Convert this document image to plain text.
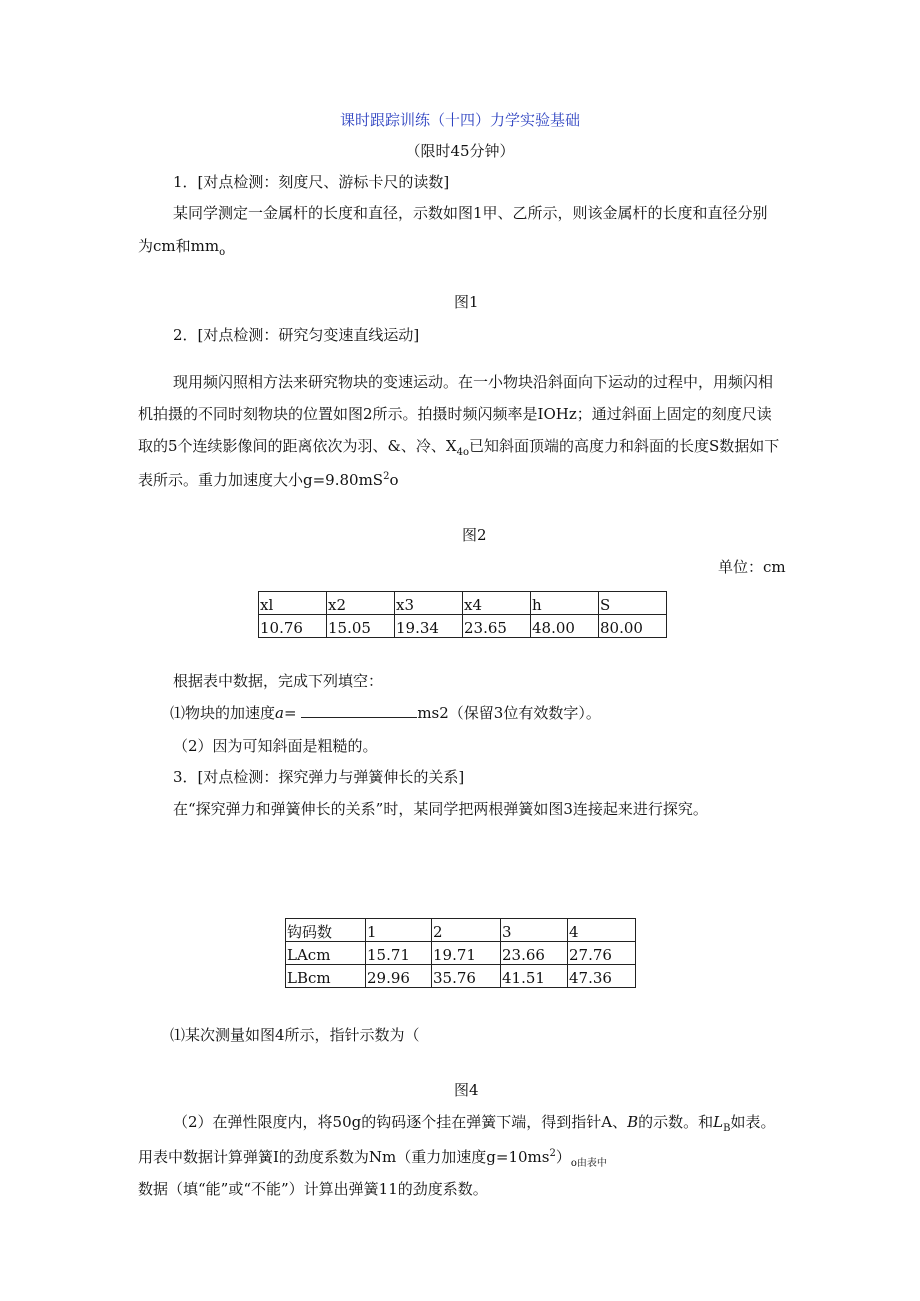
课时跟踪训练（十四）力学实验基础
（限时45分钟）
1．[对点检测：刻度尺、游标卡尺的读数]
某同学测定一金属杆的长度和直径，示数如图1甲、乙所示，则该金属杆的长度和直径分别
为cm和$mm_o$
图1
2．[对点检测：研究匀变速直线运动]
现用频闪照相方法来研究物块的变速运动。在一小物块沿斜面向下运动的过程中，用频闪相
机拍摄的不同时刻物块的位置如图2所示。拍摄时频闪频率是IOHz；通过斜面上固定的刻度尺读
取的5个连续影像间的距离依次为羽、&、冷、$X_{4o}$已知斜面顶端的高度力和斜面的长度S数据如下
表所示。重力加速度大小$g=9.80mS^2o$
图2
单位：cm
xl	x2	x3	x4	h	S
10.76	15.05	19.34	23.65	48.00	80.00
根据表中数据，完成下列填空：
⑴物块的加速度a=	ms2（保留3位有效数字）。
（2）因为可知斜面是粗糙的。
3．[对点检测：探究弹力与弹簧伸长的关系]
在“探究弹力和弹簧伸长的关系”时，某同学把两根弹簧如图3连接起来进行探究。
钩码数	1	2	3	4
LAcm	15.71	19.71	23.66	27.76
LBcm	29.96	35.76	41.51	47.36
⑴某次测量如图4所示，指针示数为（
图4
（2）在弹性限度内，将50g的钩码逐个挂在弹簧下端，得到指针A、B的示数。和$L_B$如表。
用表中数据计算弹簧I的劲度系数为Nm（重力加速度$g=10ms^2)_{o由表中}$
数据（填“能”或“不能”）计算出弹簧11的劲度系数。
